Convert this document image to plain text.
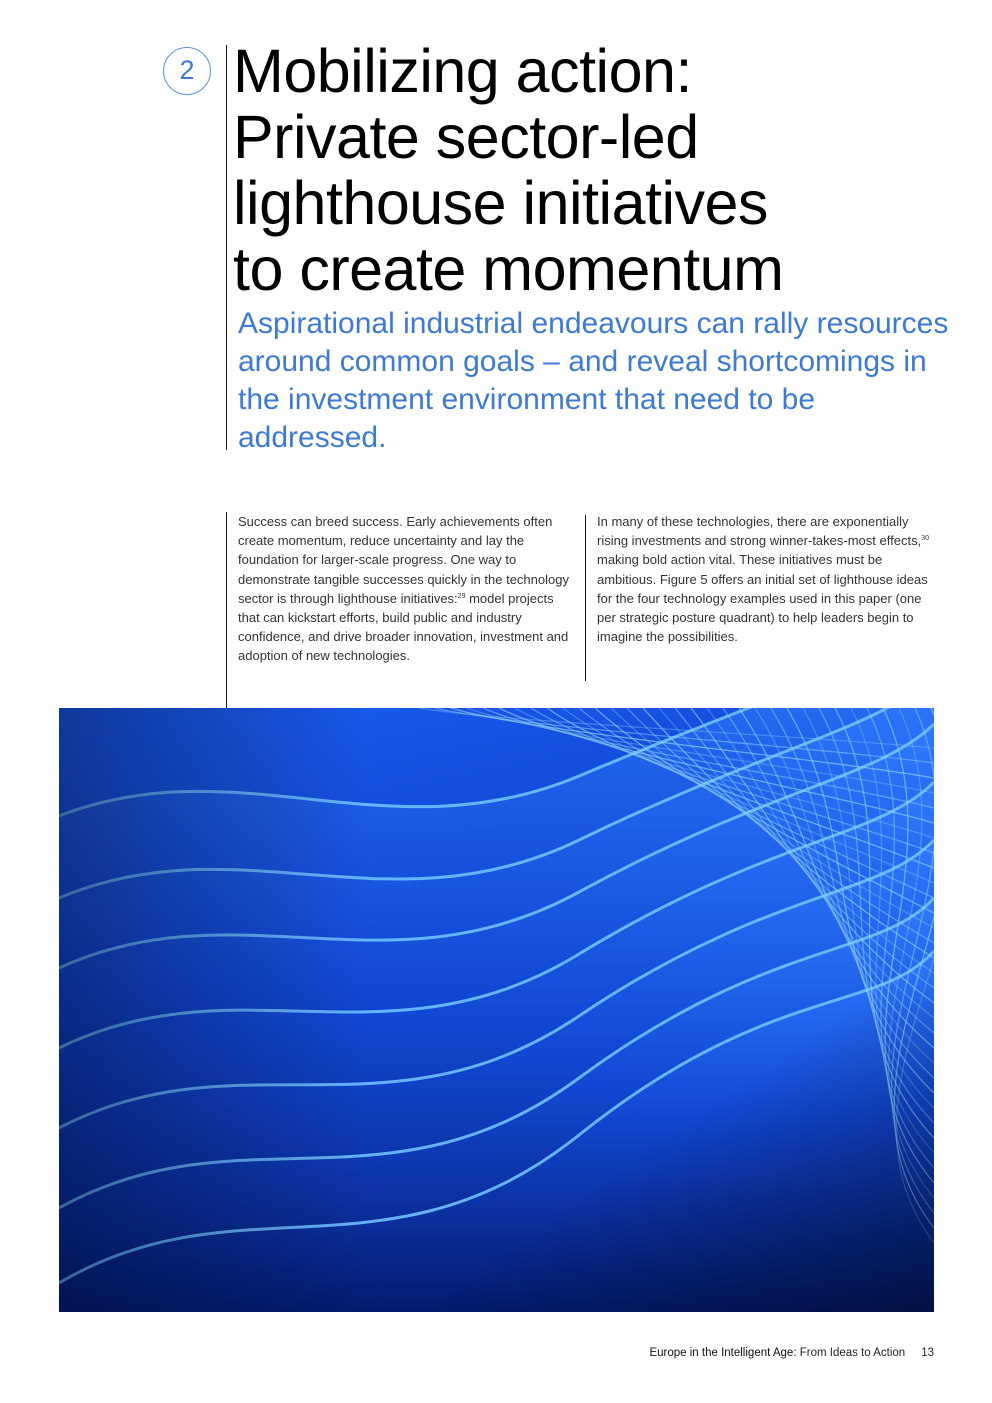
2 Mobilizing action:
Private sector-led
lighthouse initiatives
to create momentum

Aspirational industrial endeavours can rally resources around common goals – and reveal shortcomings in the investment environment that need to be addressed.

Success can breed success. Early achievements often create momentum, reduce uncertainty and lay the foundation for larger-scale progress. One way to demonstrate tangible successes quickly in the technology sector is through lighthouse initiatives:$^{29}$ model projects that can kickstart efforts, build public and industry confidence, and drive broader innovation, investment and adoption of new technologies.

In many of these technologies, there are exponentially rising investments and strong winner-takes-most effects,$^{30}$ making bold action vital. These initiatives must be ambitious. Figure 5 offers an initial set of lighthouse ideas for the four technology examples used in this paper (one per strategic posture quadrant) to help leaders begin to imagine the possibilities.

Europe in the Intelligent Age: From Ideas to Action 13
